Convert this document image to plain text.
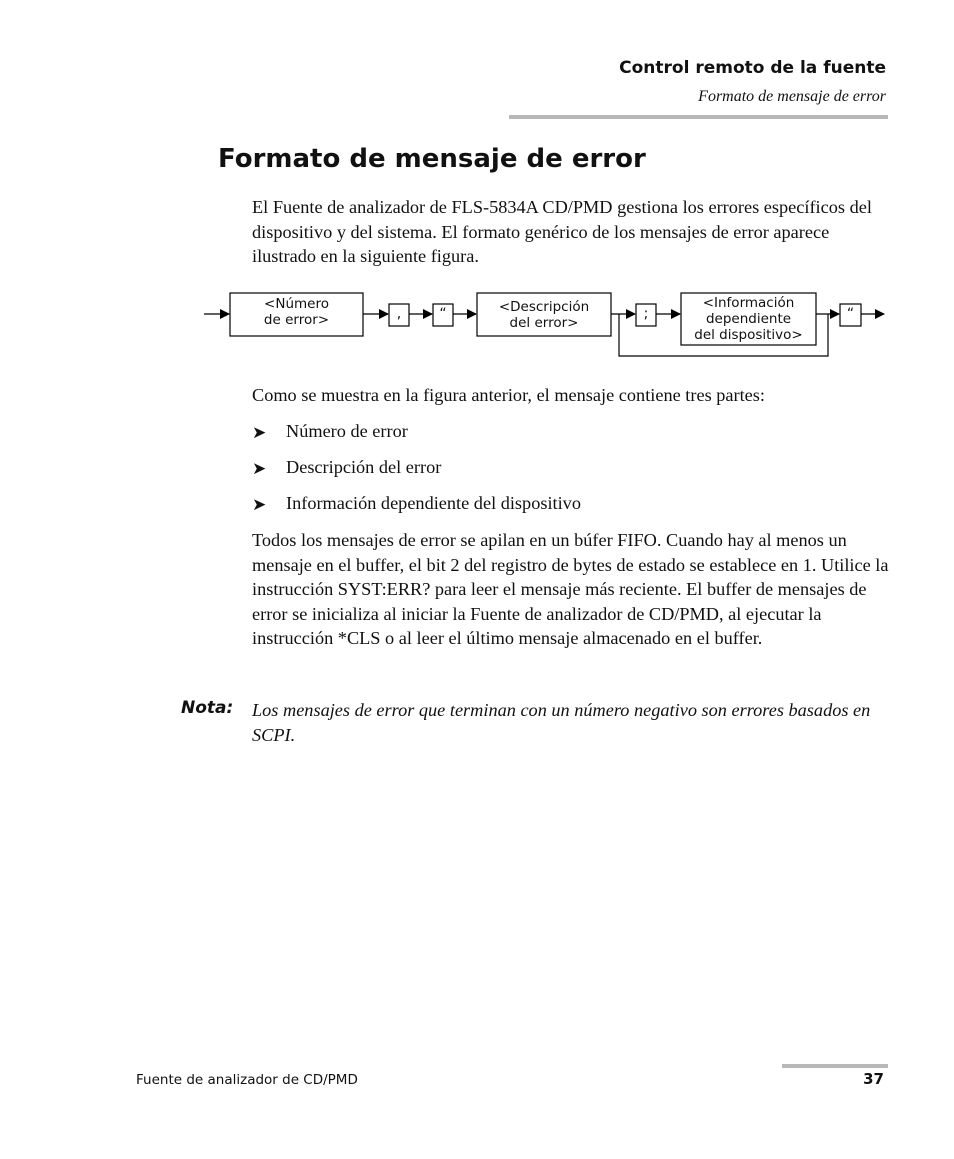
Control remoto de la fuente
Formato de mensaje de error
Formato de mensaje de error

El Fuente de analizador de FLS-5834A CD/PMD gestiona los errores específicos del dispositivo y del sistema. El formato genérico de los mensajes de error aparece ilustrado en la siguiente figura.

<Número
de error>	,	“	<Descripción
del error>
;
<Información
dependiente
del dispositivo>
“

Como se muestra en la figura anterior, el mensaje contiene tres partes:

➤	Número de error
➤	Descripción del error
➤	Información dependiente del dispositivo

Todos los mensajes de error se apilan en un búfer FIFO. Cuando hay al menos un mensaje en el buffer, el bit 2 del registro de bytes de estado se establece en 1. Utilice la instrucción SYST:ERR? para leer el mensaje más reciente. El buffer de mensajes de error se inicializa al iniciar la Fuente de analizador de CD/PMD, al ejecutar la instrucción *CLS o al leer el último mensaje almacenado en el buffer.

Nota: Los mensajes de error que terminan con un número negativo son errores basados en SCPI.

Fuente de analizador de CD/PMD	37
